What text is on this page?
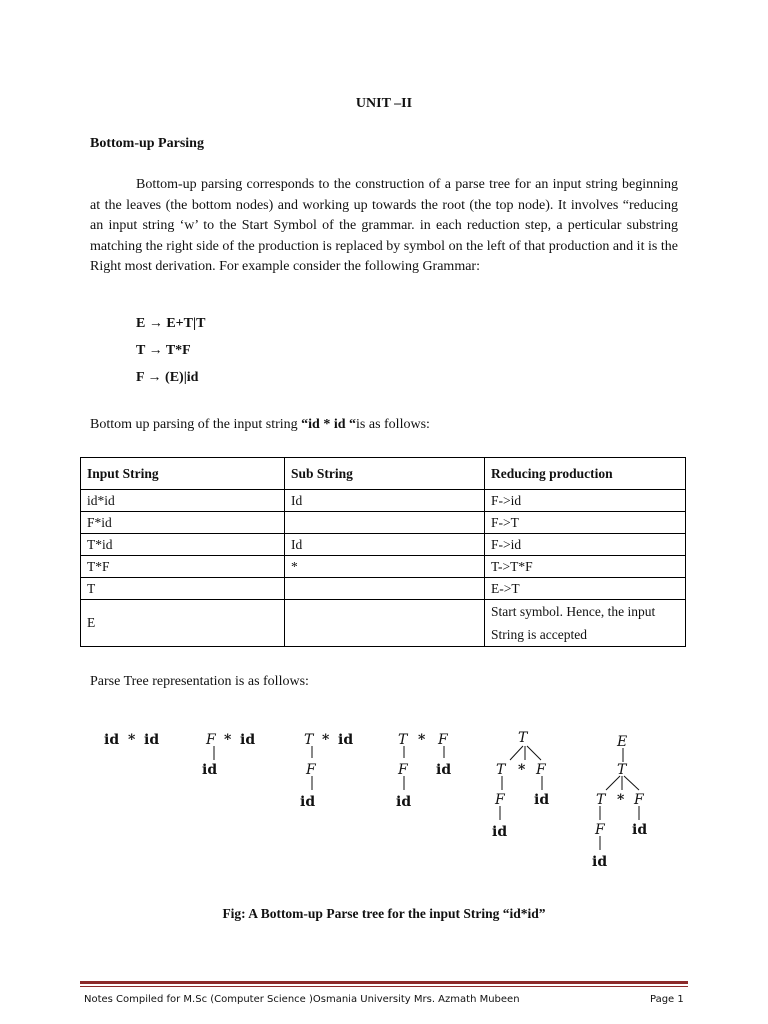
UNIT –II
Bottom-up Parsing

Bottom-up parsing corresponds to the construction of a parse tree for an input string beginning at the leaves (the bottom nodes) and working up towards the root (the top node). It involves “reducing an input string ‘w’ to the Start Symbol of the grammar. in each reduction step, a perticular substring matching the right side of the production is replaced by symbol on the left of that production and it is the Right most derivation. For example consider the following Grammar:

E → E+T|T
T → T*F
F → (E)|id
Bottom up parsing of the input string “id * id “is as follows:
Input String	Sub String	Reducing production
id*id	Id	F->id
F*id		F->T
T*id	Id	F->id
T*F	*	T->T*F
T		E->T
E		Start symbol. Hence, the input String is accepted
Parse Tree representation is as follows:
id * id	F * id
id
T * id
F
id
T * F
F id
id
T
T * F
F id
id
E
T
T * F
F id
id
Fig: A Bottom-up Parse tree for the input String “id*id”
Notes Compiled for M.Sc (Computer Science )Osmania University Mrs. Azmath Mubeen	Page 1
